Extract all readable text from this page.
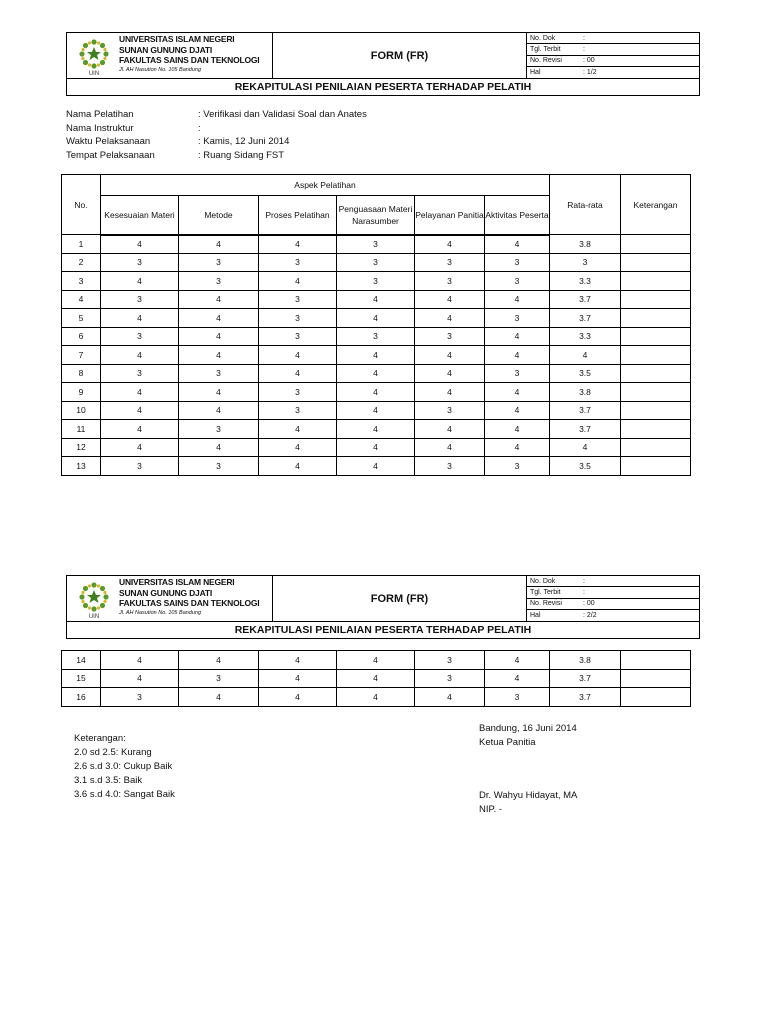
UIN
UNIVERSITAS ISLAM NEGERI
SUNAN GUNUNG DJATI
FAKULTAS SAINS DAN TEKNOLOGI
Jl. AH Nasution No. 105 Bandung
FORM (FR)
No. Dok	:
Tgl. Terbit	:
No. Revisi	: 00
Hal	: 1/2
REKAPITULASI PENILAIAN PESERTA TERHADAP PELATIH
Nama Pelatihan	: Verifikasi dan Validasi Soal dan Anates
Nama Instruktur	:
Waktu Pelaksanaan	: Kamis, 12 Juni 2014
Tempat Pelaksanaan	: Ruang Sidang FST
No.	Aspek Pelatihan						Rata-rata	Keterangan
	Kesesuaian Materi	Metode	Proses Pelatihan	Penguasaan Materi Narasumber	Pelayanan Panitia	Aktivitas Peserta		
1	4	4	4	3	4	4	3.8	
2	3	3	3	3	3	3	3	
3	4	3	4	3	3	3	3.3	
4	3	4	3	4	4	4	3.7	
5	4	4	3	4	4	3	3.7	
6	3	4	3	3	3	4	3.3	
7	4	4	4	4	4	4	4	
8	3	3	4	4	4	3	3.5	
9	4	4	3	4	4	4	3.8	
10	4	4	3	4	3	4	3.7	
11	4	3	4	4	4	4	3.7	
12	4	4	4	4	4	4	4	
13	3	3	4	4	3	3	3.5	
UIN
UNIVERSITAS ISLAM NEGERI
SUNAN GUNUNG DJATI
FAKULTAS SAINS DAN TEKNOLOGI
Jl. AH Nasution No. 105 Bandung
FORM (FR)
No. Dok	:
Tgl. Terbit	:
No. Revisi	: 00
Hal	: 2/2
REKAPITULASI PENILAIAN PESERTA TERHADAP PELATIH
14	4	4	4	4	3	4	3.8	
15	4	3	4	4	3	4	3.7	
16	3	4	4	4	4	3	3.7	
Keterangan:
2.0 sd 2.5: Kurang
2.6 s.d 3.0: Cukup Baik
3.1 s.d 3.5: Baik
3.6 s.d 4.0: Sangat Baik
Bandung, 16 Juni 2014
Ketua Panitia
Dr. Wahyu Hidayat, MA
NIP. -
